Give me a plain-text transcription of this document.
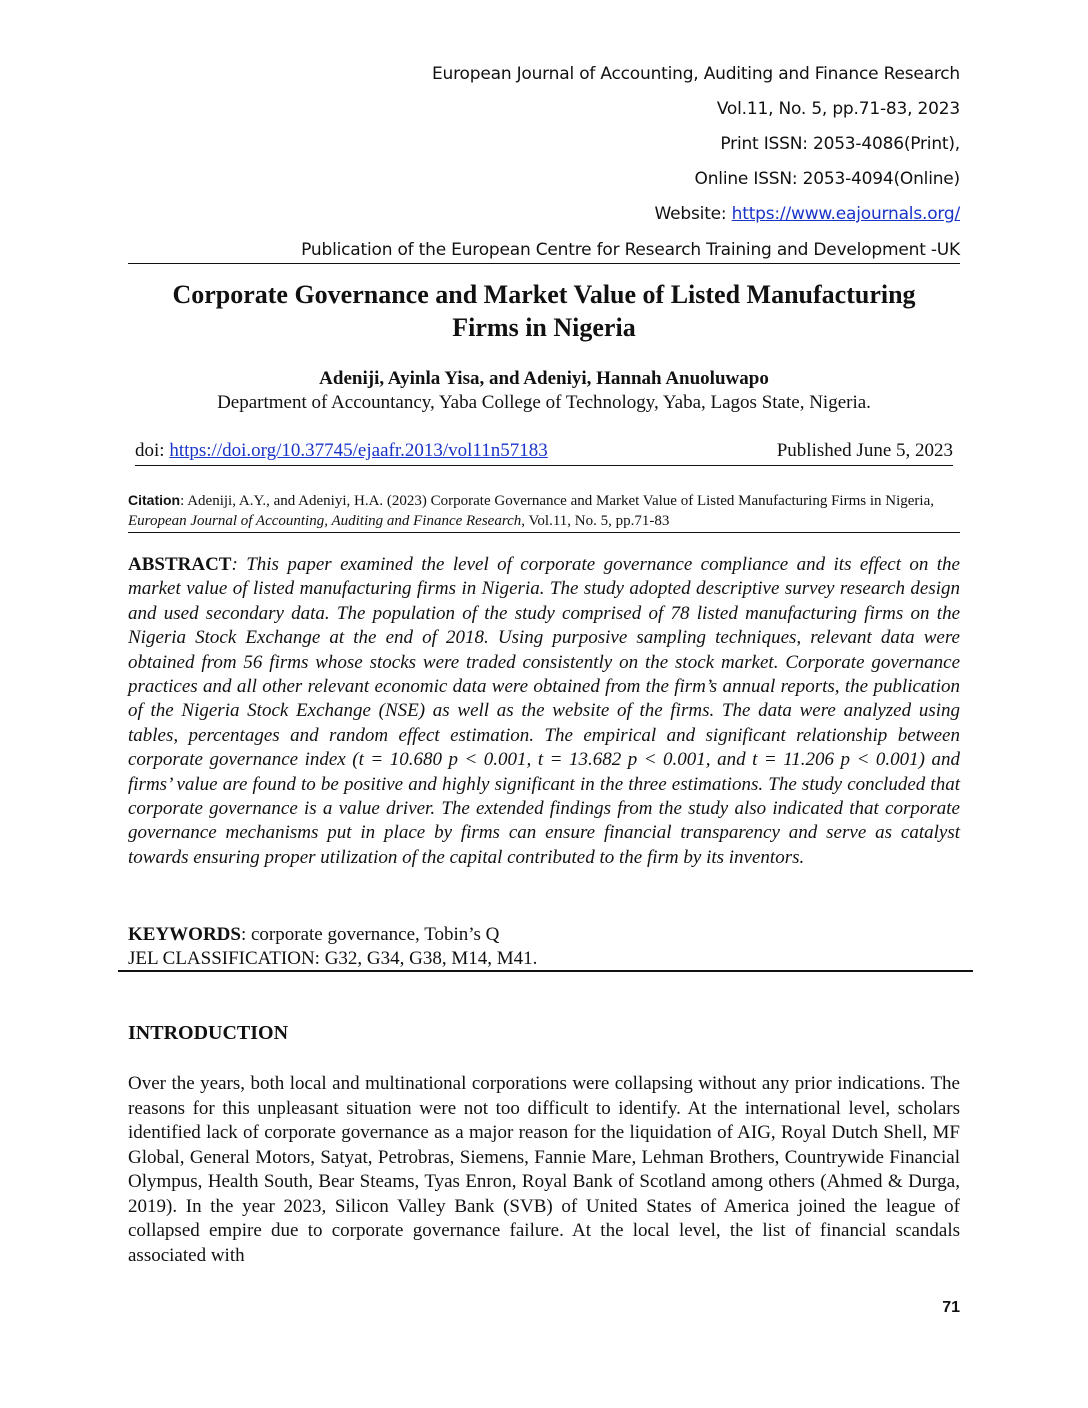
European Journal of Accounting, Auditing and Finance Research
Vol.11, No. 5, pp.71-83, 2023
Print ISSN: 2053-4086(Print),
Online ISSN: 2053-4094(Online)
Website: https://www.eajournals.org/
Publication of the European Centre for Research Training and Development -UK
Corporate Governance and Market Value of Listed Manufacturing
Firms in Nigeria
Adeniji, Ayinla Yisa, and Adeniyi, Hannah Anuoluwapo
Department of Accountancy, Yaba College of Technology, Yaba, Lagos State, Nigeria.
doi: https://doi.org/10.37745/ejaafr.2013/vol11n57183	Published June 5, 2023
Citation: Adeniji, A.Y., and Adeniyi, H.A. (2023) Corporate Governance and Market Value of Listed Manufacturing Firms in Nigeria, European Journal of Accounting, Auditing and Finance Research, Vol.11, No. 5, pp.71-83
ABSTRACT: This paper examined the level of corporate governance compliance and its effect on the market value of listed manufacturing firms in Nigeria. The study adopted descriptive survey research design and used secondary data. The population of the study comprised of 78 listed manufacturing firms on the Nigeria Stock Exchange at the end of 2018. Using purposive sampling techniques, relevant data were obtained from 56 firms whose stocks were traded consistently on the stock market. Corporate governance practices and all other relevant economic data were obtained from the firm’s annual reports, the publication of the Nigeria Stock Exchange (NSE) as well as the website of the firms. The data were analyzed using tables, percentages and random effect estimation. The empirical and significant relationship between corporate governance index (t = 10.680 p < 0.001, t = 13.682 p < 0.001, and t = 11.206 p < 0.001) and firms’ value are found to be positive and highly significant in the three estimations. The study concluded that corporate governance is a value driver. The extended findings from the study also indicated that corporate governance mechanisms put in place by firms can ensure financial transparency and serve as catalyst towards ensuring proper utilization of the capital contributed to the firm by its inventors.
KEYWORDS: corporate governance, Tobin’s Q
JEL CLASSIFICATION: G32, G34, G38, M14, M41.
INTRODUCTION
Over the years, both local and multinational corporations were collapsing without any prior indications. The reasons for this unpleasant situation were not too difficult to identify. At the international level, scholars identified lack of corporate governance as a major reason for the liquidation of AIG, Royal Dutch Shell, MF Global, General Motors, Satyat, Petrobras, Siemens, Fannie Mare, Lehman Brothers, Countrywide Financial Olympus, Health South, Bear Steams, Tyas Enron, Royal Bank of Scotland among others (Ahmed & Durga, 2019). In the year 2023, Silicon Valley Bank (SVB) of United States of America joined the league of collapsed empire due to corporate governance failure. At the local level, the list of financial scandals associated with
71
